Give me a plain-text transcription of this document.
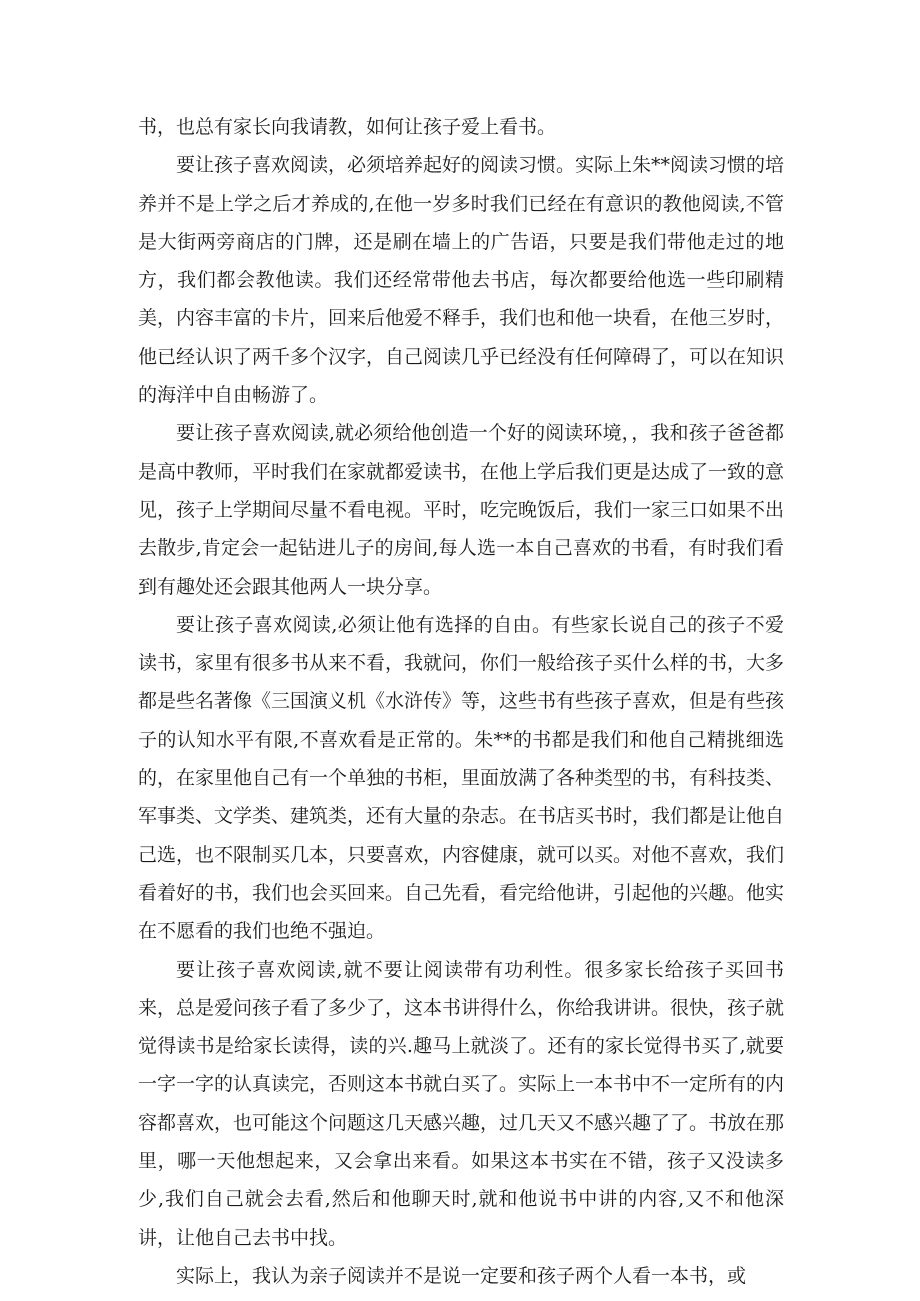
书，也总有家长向我请教，如何让孩子爱上看书。

要让孩子喜欢阅读，必须培养起好的阅读习惯。实际上朱**阅读习惯的培养并不是上学之后才养成的,在他一岁多时我们已经在有意识的教他阅读,不管是大街两旁商店的门牌，还是刷在墙上的广告语，只要是我们带他走过的地方，我们都会教他读。我们还经常带他去书店，每次都要给他选一些印刷精美，内容丰富的卡片，回来后他爱不释手，我们也和他一块看，在他三岁时，他已经认识了两千多个汉字，自己阅读几乎已经没有任何障碍了，可以在知识的海洋中自由畅游了。

要让孩子喜欢阅读,就必须给他创造一个好的阅读环境，，我和孩子爸爸都是高中教师，平时我们在家就都爱读书，在他上学后我们更是达成了一致的意见，孩子上学期间尽量不看电视。平时，吃完晚饭后，我们一家三口如果不出去散步,肯定会一起钻进儿子的房间,每人选一本自己喜欢的书看，有时我们看到有趣处还会跟其他两人一块分享。

要让孩子喜欢阅读,必须让他有选择的自由。有些家长说自己的孩子不爱读书，家里有很多书从来不看，我就问，你们一般给孩子买什么样的书，大多都是些名著像《三国演义机《水浒传》等，这些书有些孩子喜欢，但是有些孩子的认知水平有限,不喜欢看是正常的。朱**的书都是我们和他自己精挑细选的，在家里他自己有一个单独的书柜，里面放满了各种类型的书，有科技类、军事类、文学类、建筑类，还有大量的杂志。在书店买书时，我们都是让他自己选，也不限制买几本，只要喜欢，内容健康，就可以买。对他不喜欢，我们看着好的书，我们也会买回来。自己先看，看完给他讲，引起他的兴趣。他实在不愿看的我们也绝不强迫。

要让孩子喜欢阅读,就不要让阅读带有功利性。很多家长给孩子买回书来，总是爱问孩子看了多少了，这本书讲得什么，你给我讲讲。很快，孩子就觉得读书是给家长读得，读的兴.趣马上就淡了。还有的家长觉得书买了,就要一字一字的认真读完，否则这本书就白买了。实际上一本书中不一定所有的内容都喜欢，也可能这个问题这几天感兴趣，过几天又不感兴趣了了。书放在那里，哪一天他想起来，又会拿出来看。如果这本书实在不错，孩子又没读多少,我们自己就会去看,然后和他聊天时,就和他说书中讲的内容,又不和他深讲，让他自己去书中找。

实际上，我认为亲子阅读并不是说一定要和孩子两个人看一本书，或
